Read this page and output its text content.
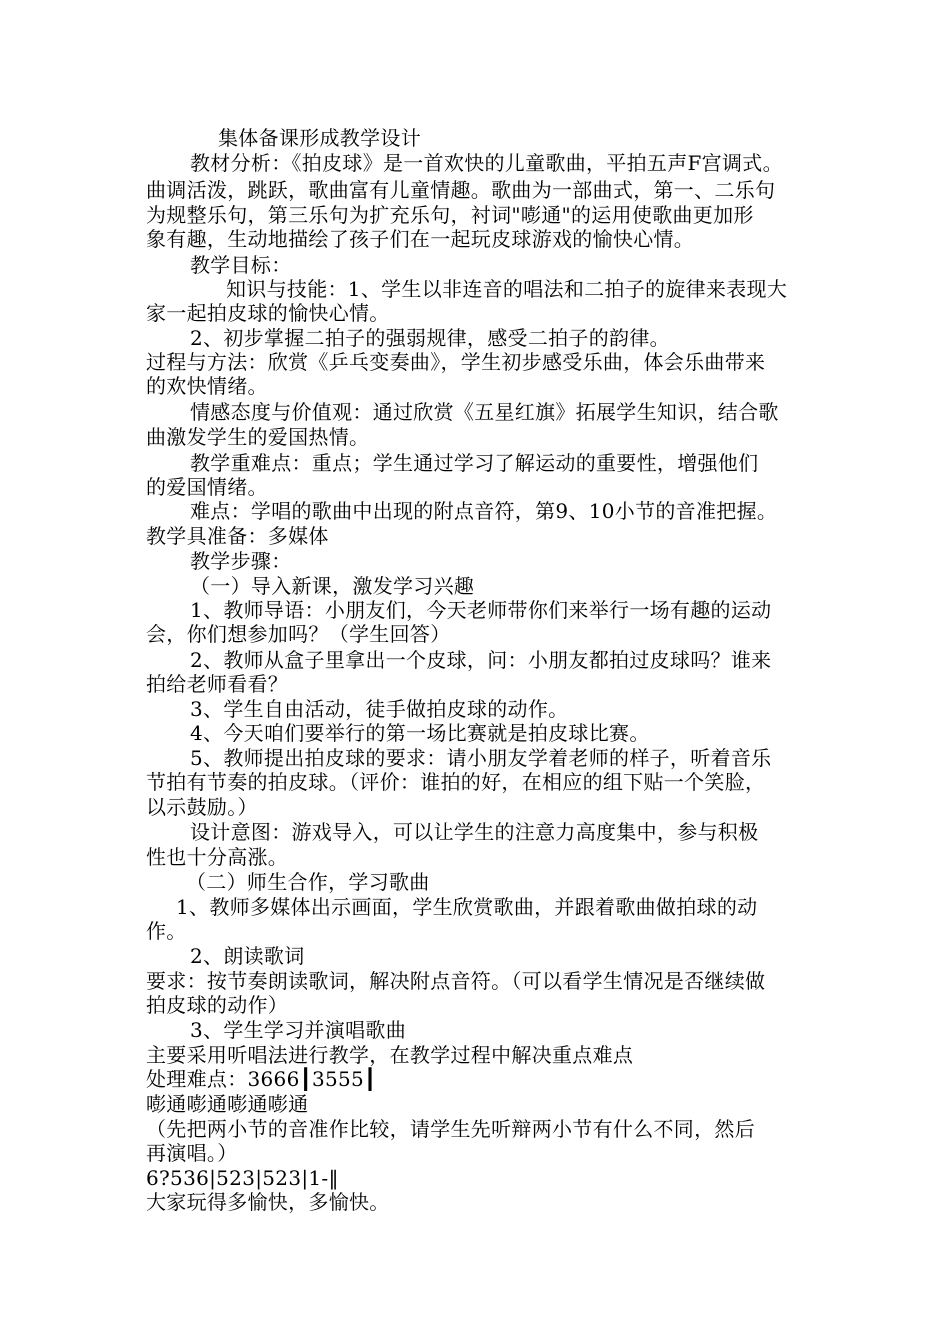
集体备课形成教学设计
教材分析：《拍皮球》是一首欢快的儿童歌曲，平拍五声F宫调式。
曲调活泼，跳跃，歌曲富有儿童情趣。歌曲为一部曲式，第一、二乐句
为规整乐句，第三乐句为扩充乐句，衬词"嘭通"的运用使歌曲更加形
象有趣，生动地描绘了孩子们在一起玩皮球游戏的愉快心情。
教学目标：
知识与技能：1、学生以非连音的唱法和二拍子的旋律来表现大
家一起拍皮球的愉快心情。
2、初步掌握二拍子的强弱规律，感受二拍子的韵律。
过程与方法：欣赏《乒乓变奏曲》，学生初步感受乐曲，体会乐曲带来
的欢快情绪。
情感态度与价值观：通过欣赏《五星红旗》拓展学生知识，结合歌
曲激发学生的爱国热情。
教学重难点：重点；学生通过学习了解运动的重要性，增强他们
的爱国情绪。
难点：学唱的歌曲中出现的附点音符，第9、10小节的音准把握。
教学具准备：多媒体
教学步骤：
（一）导入新课，激发学习兴趣
1、教师导语：小朋友们，今天老师带你们来举行一场有趣的运动
会，你们想参加吗？（学生回答）
2、教师从盒子里拿出一个皮球，问：小朋友都拍过皮球吗？谁来
拍给老师看看？
3、学生自由活动，徒手做拍皮球的动作。
4、今天咱们要举行的第一场比赛就是拍皮球比赛。
5、教师提出拍皮球的要求：请小朋友学着老师的样子，听着音乐
节拍有节奏的拍皮球。（评价：谁拍的好，在相应的组下贴一个笑脸，
以示鼓励。）
设计意图：游戏导入，可以让学生的注意力高度集中，参与积极
性也十分高涨。
（二）师生合作，学习歌曲
1、教师多媒体出示画面，学生欣赏歌曲，并跟着歌曲做拍球的动
作。
2、朗读歌词
要求：按节奏朗读歌词，解决附点音符。（可以看学生情况是否继续做
拍皮球的动作）
3、学生学习并演唱歌曲
主要采用听唱法进行教学，在教学过程中解决重点难点
处理难点：3666┃3555┃
嘭通嘭通嘭通嘭通
（先把两小节的音准作比较，请学生先听辩两小节有什么不同，然后
再演唱。）
6?536|523|523|1-‖
大家玩得多愉快，多愉快。
